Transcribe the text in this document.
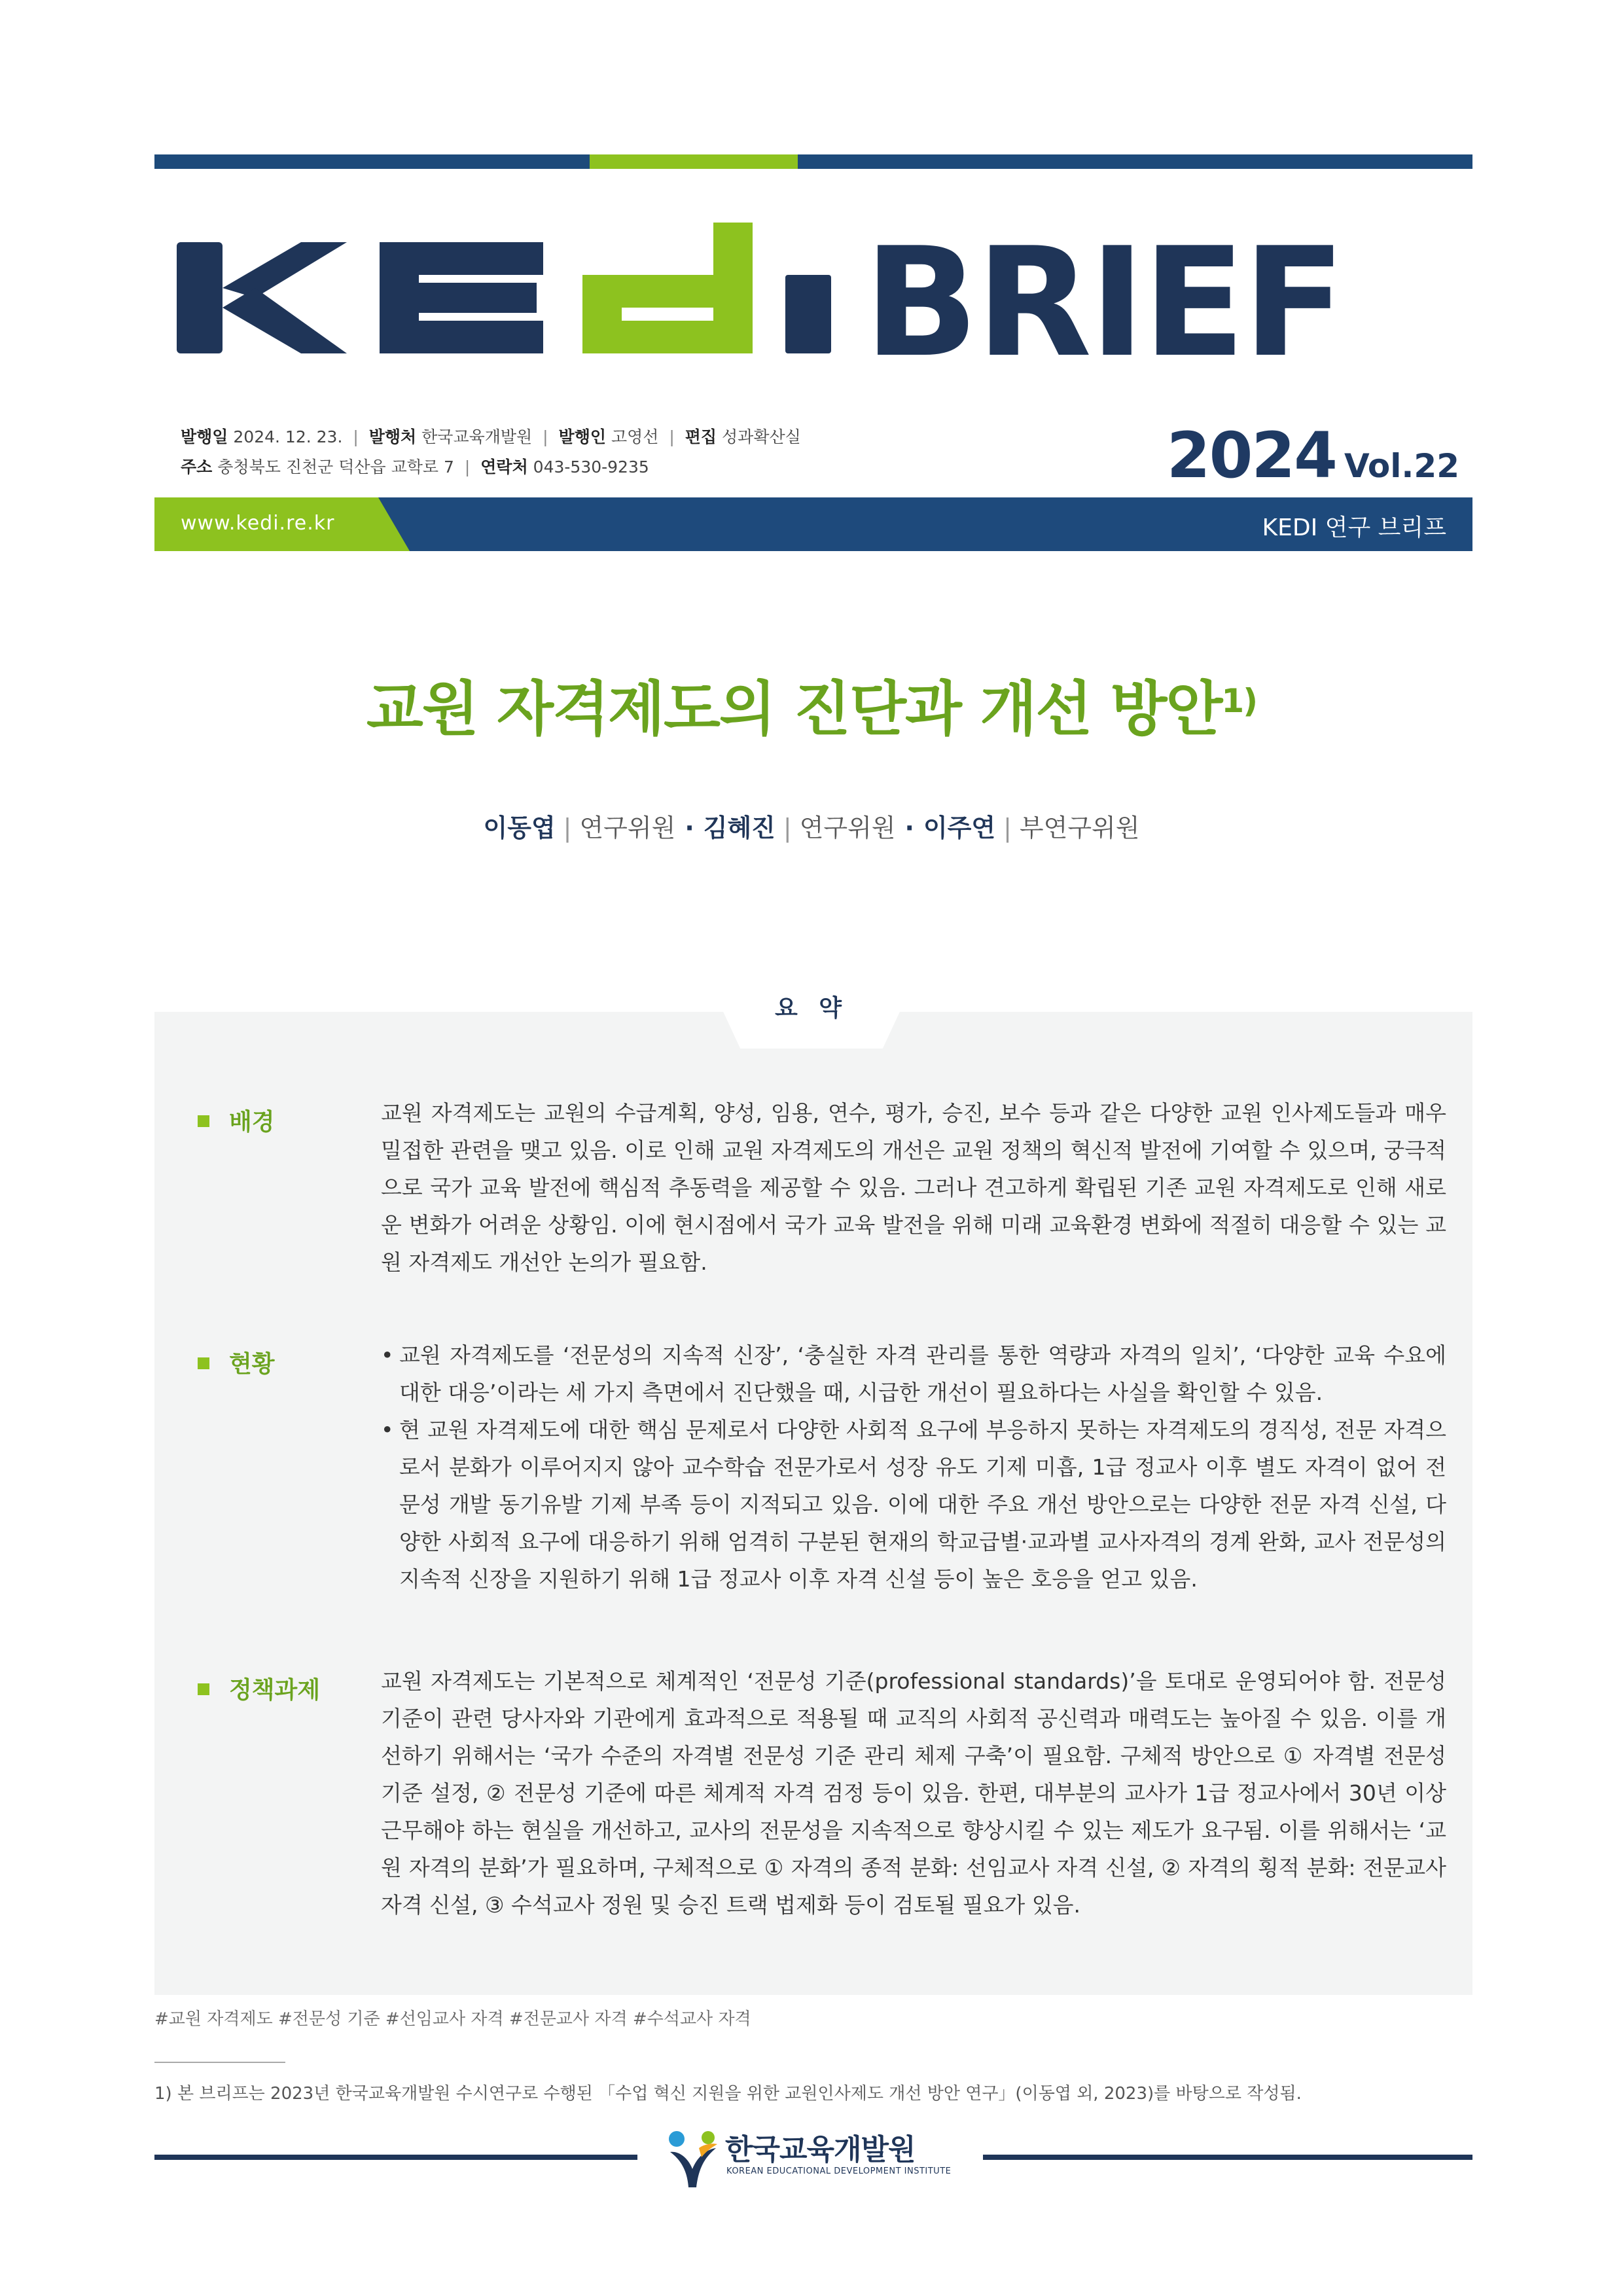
BRIEF
발행일 2024. 12. 23. | 발행처 한국교육개발원 | 발행인 고영선 | 편집 성과확산실
주소 충청북도 진천군 덕산읍 교학로 7 | 연락처 043-530-9235	2024 Vol.22
www.kedi.re.kr	KEDI 연구 브리프
교원 자격제도의 진단과 개선 방안$^{1)}$
이동엽 | 연구위원 · 김혜진 | 연구위원 · 이주연 | 부연구위원
요 약
배경	교원 자격제도는 교원의 수급계획, 양성, 임용, 연수, 평가, 승진, 보수 등과 같은 다양한 교원 인사제도들과 매우 밀접한 관련을 맺고 있음. 이로 인해 교원 자격제도의 개선은 교원 정책의 혁신적 발전에 기여할 수 있으며, 궁극적으로 국가 교육 발전에 핵심적 추동력을 제공할 수 있음. 그러나 견고하게 확립된 기존 교원 자격제도로 인해 새로운 변화가 어려운 상황임. 이에 현시점에서 국가 교육 발전을 위해 미래 교육환경 변화에 적절히 대응할 수 있는 교원 자격제도 개선안 논의가 필요함.
현황
•	교원 자격제도를 ‘전문성의 지속적 신장’, ‘충실한 자격 관리를 통한 역량과 자격의 일치’, ‘다양한 교육 수요에 대한 대응’이라는 세 가지 측면에서 진단했을 때, 시급한 개선이 필요하다는 사실을 확인할 수 있음.
• 현 교원 자격제도에 대한 핵심 문제로서 다양한 사회적 요구에 부응하지 못하는 자격제도의 경직성, 전문 자격으로서 분화가 이루어지지 않아 교수학습 전문가로서 성장 유도 기제 미흡, 1급 정교사 이후 별도 자격이 없어 전문성 개발 동기유발 기제 부족 등이 지적되고 있음. 이에 대한 주요 개선 방안으로는 다양한 전문 자격 신설, 다양한 사회적 요구에 대응하기 위해 엄격히 구분된 현재의 학교급별·교과별 교사자격의 경계 완화, 교사 전문성의 지속적 신장을 지원하기 위해 1급 정교사 이후 자격 신설 등이 높은 호응을 얻고 있음.
정책과제	교원 자격제도는 기본적으로 체계적인 ‘전문성 기준(professional standards)’을 토대로 운영되어야 함. 전문성 기준이 관련 당사자와 기관에게 효과적으로 적용될 때 교직의 사회적 공신력과 매력도는 높아질 수 있음. 이를 개선하기 위해서는 ‘국가 수준의 자격별 전문성 기준 관리 체제 구축’이 필요함. 구체적 방안으로 ① 자격별 전문성 기준 설정, ② 전문성 기준에 따른 체계적 자격 검정 등이 있음. 한편, 대부분의 교사가 1급 정교사에서 30년 이상 근무해야 하는 현실을 개선하고, 교사의 전문성을 지속적으로 향상시킬 수 있는 제도가 요구됨. 이를 위해서는 ‘교원 자격의 분화’가 필요하며, 구체적으로 ① 자격의 종적 분화: 선임교사 자격 신설, ② 자격의 횡적 분화: 전문교사 자격 신설, ③ 수석교사 정원 및 승진 트랙 법제화 등이 검토될 필요가 있음.
#교원 자격제도 #전문성 기준 #선임교사 자격 #전문교사 자격 #수석교사 자격
1) 본 브리프는 2023년 한국교육개발원 수시연구로 수행된 「수업 혁신 지원을 위한 교원인사제도 개선 방안 연구」(이동엽 외, 2023)를 바탕으로 작성됨.
한국교육개발원
KOREAN EDUCATIONAL DEVELOPMENT INSTITUTE
